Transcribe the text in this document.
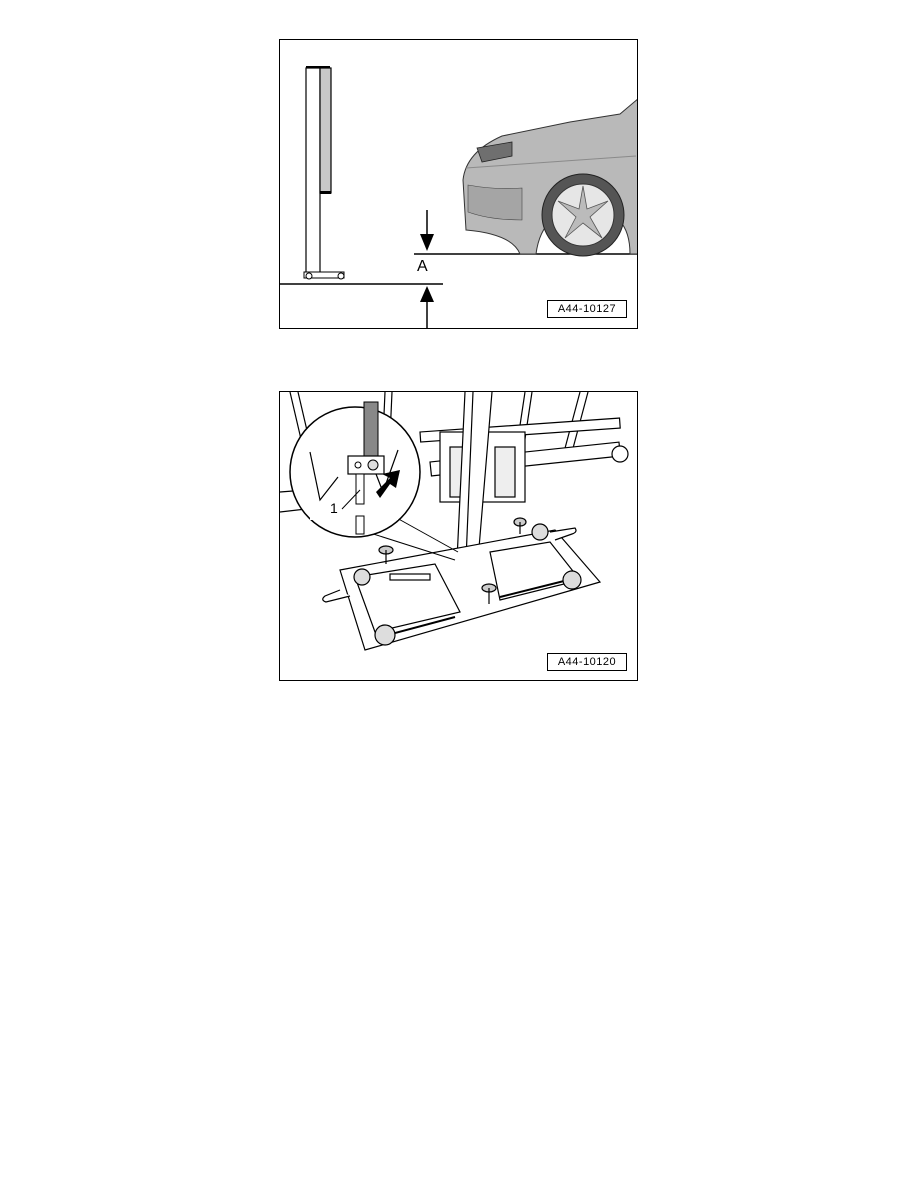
A
A44-10127
1
A44-10120
